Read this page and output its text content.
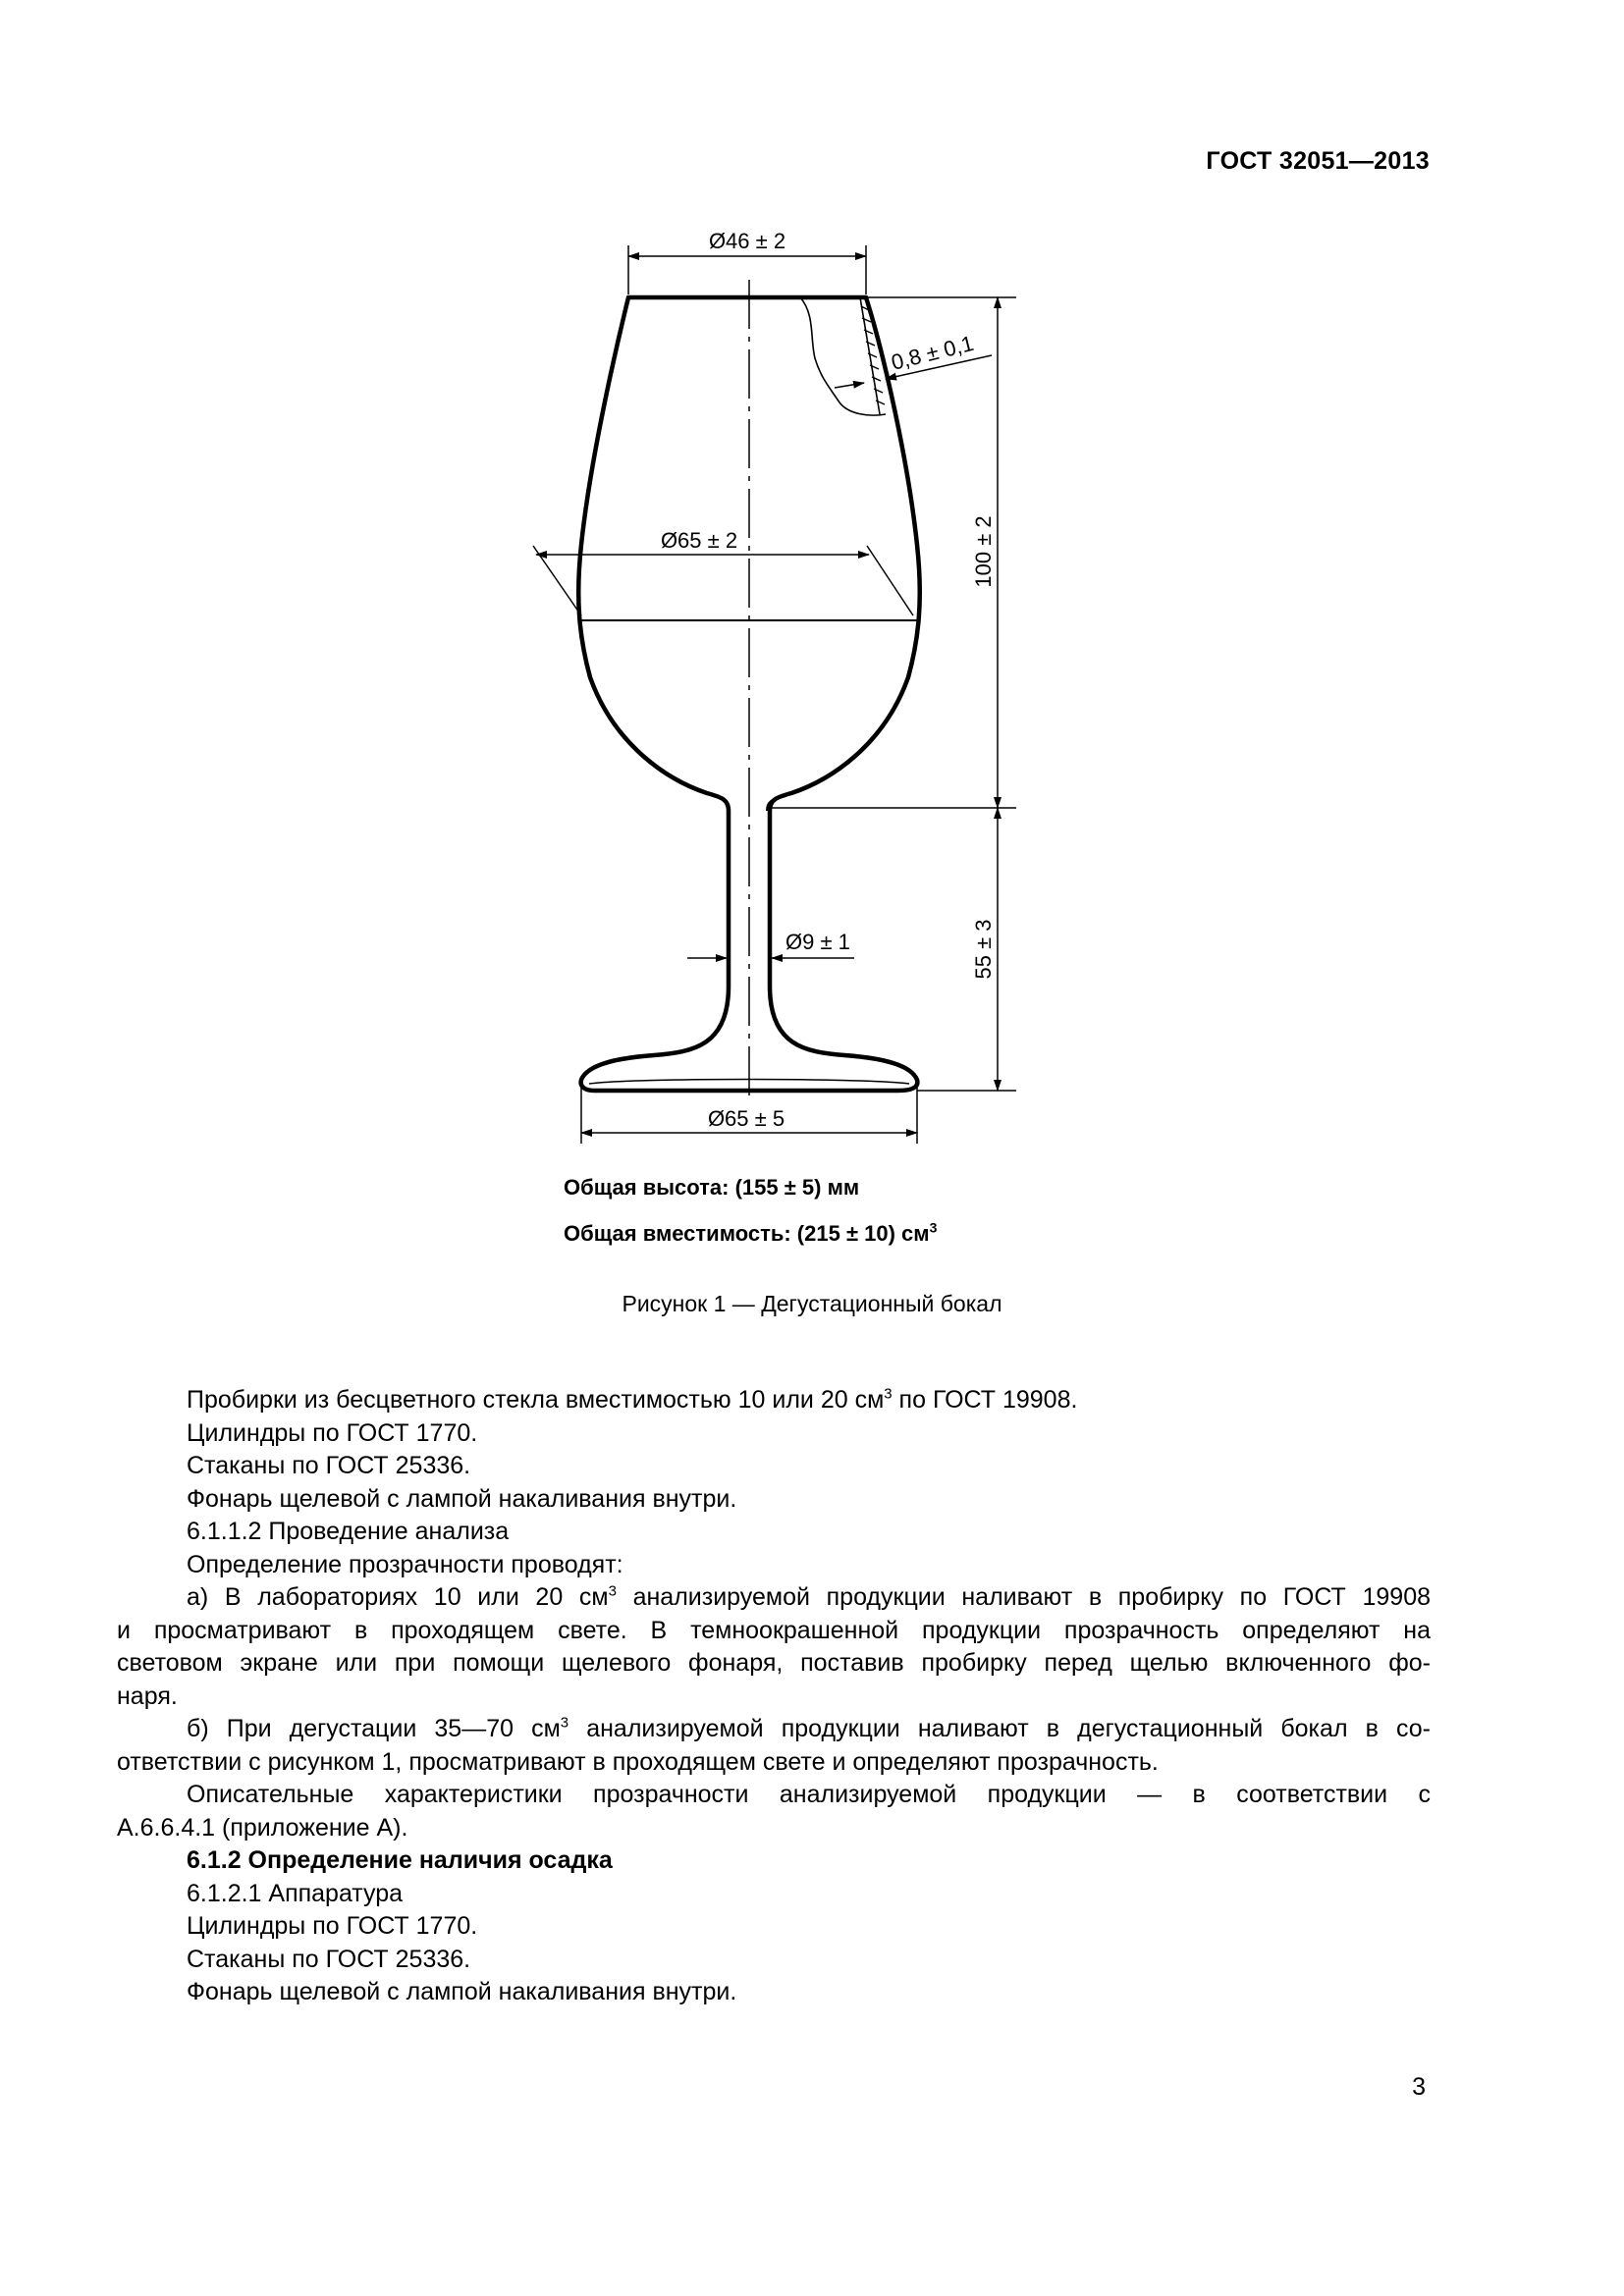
ГОСТ 32051—2013
Ø46 ± 2
0,8 ± 0,1
Ø65 ± 2	100 ± 2
55 ± 3
Ø9 ± 1
Ø65 ± 5
Общая высота: (155 ± 5) мм
Общая вместимость: (215 ± 10) $см^3$
Рисунок 1 — Дегустационный бокал

Пробирки из бесцветного стекла вместимостью 10 или 20 $см^3$ по ГОСТ 19908.

Цилиндры по ГОСТ 1770.

Стаканы по ГОСТ 25336.

Фонарь щелевой с лампой накаливания внутри.

6.1.1.2 Проведение анализа

Определение прозрачности проводят:

а) В лабораториях 10 или 20 $см^3$ анализируемой продукции наливают в пробирку по ГОСТ 19908

и просматривают в проходящем свете. В темноокрашенной продукции прозрачность определяют на

световом экране или при помощи щелевого фонаря, поставив пробирку перед щелью включенного фо-

наря.

б) При дегустации 35—70 $см^3$ анализируемой продукции наливают в дегустационный бокал в со-

ответствии с рисунком 1, просматривают в проходящем свете и определяют прозрачность.

Описательные характеристики прозрачности анализируемой продукции — в соответствии с

А.6.6.4.1 (приложение А).

6.1.2 Определение наличия осадка

6.1.2.1 Аппаратура

Цилиндры по ГОСТ 1770.

Стаканы по ГОСТ 25336.

Фонарь щелевой с лампой накаливания внутри.

3
